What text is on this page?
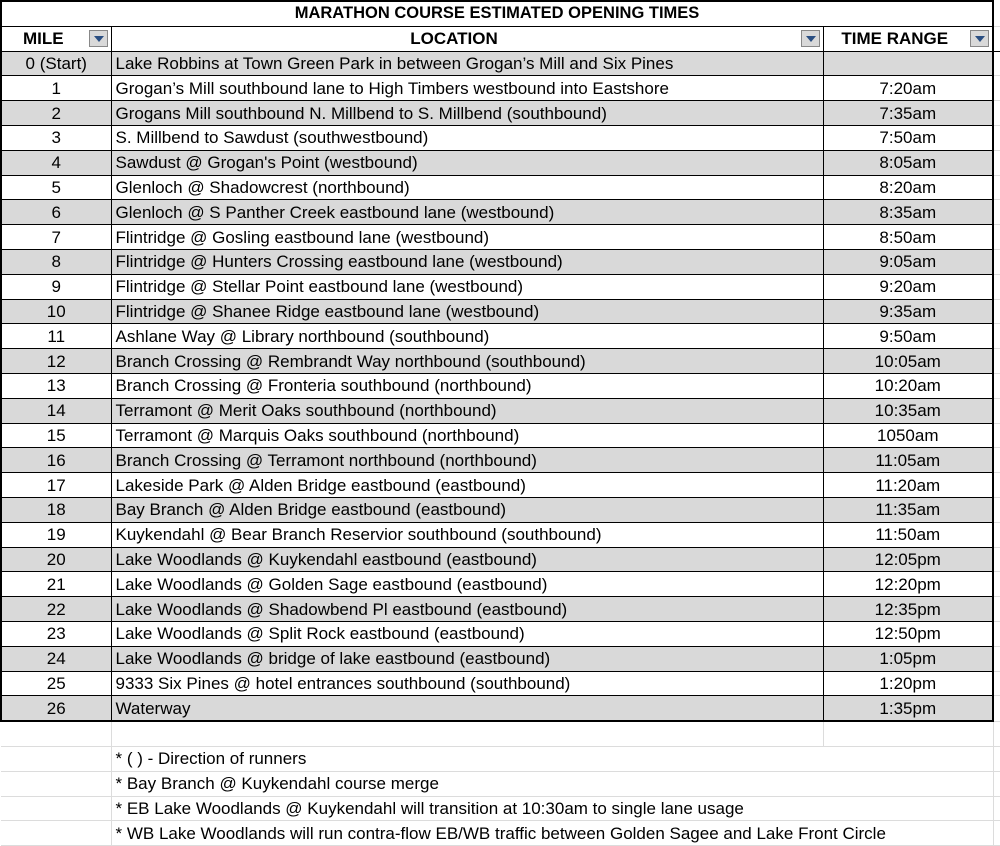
MARATHON COURSE ESTIMATED OPENING TIMES			
MILE	LOCATION	TIME RANGE

0 (Start)	Lake Robbins at Town Green Park in between Grogan’s Mill and Six Pines		
1	Grogan’s Mill southbound lane to High Timbers westbound into Eastshore	7:20am	
2	Grogans Mill southbound N. Millbend to S. Millbend (southbound)	7:35am	
3	S. Millbend to Sawdust (southwestbound)	7:50am	
4	Sawdust @ Grogan's Point (westbound)	8:05am	
5	Glenloch @ Shadowcrest (northbound)	8:20am	
6	Glenloch @ S Panther Creek eastbound lane (westbound)	8:35am	
7	Flintridge @ Gosling eastbound lane (westbound)	8:50am	
8	Flintridge @ Hunters Crossing eastbound lane (westbound)	9:05am	
9	Flintridge @ Stellar Point eastbound lane (westbound)	9:20am	
10	Flintridge @ Shanee Ridge eastbound lane (westbound)	9:35am	
11	Ashlane Way @ Library northbound (southbound)	9:50am	
12	Branch Crossing @ Rembrandt Way northbound (southbound)	10:05am	
13	Branch Crossing @ Fronteria southbound (northbound)	10:20am	
14	Terramont @ Merit Oaks southbound (northbound)	10:35am	
15	Terramont @ Marquis Oaks southbound (northbound)	1050am	
16	Branch Crossing @ Terramont northbound (northbound)	11:05am	
17	Lakeside Park @ Alden Bridge eastbound (eastbound)	11:20am	
18	Bay Branch @ Alden Bridge eastbound (eastbound)	11:35am	
19	Kuykendahl @ Bear Branch Reservior southbound (southbound)	11:50am	
20	Lake Woodlands @ Kuykendahl eastbound (eastbound)	12:05pm	
21	Lake Woodlands @ Golden Sage eastbound (eastbound)	12:20pm	
22	Lake Woodlands @ Shadowbend Pl eastbound (eastbound)	12:35pm	
23	Lake Woodlands @ Split Rock eastbound (eastbound)	12:50pm	
24	Lake Woodlands @ bridge of lake eastbound (eastbound)	1:05pm	
25	9333 Six Pines @ hotel entrances southbound (southbound)	1:20pm	
26	Waterway	1:35pm	

	* ( ) - Direction of runners		
	* Bay Branch @ Kuykendahl course merge		
	* EB Lake Woodlands @ Kuykendahl will transition at 10:30am to single lane usage		
	* WB Lake Woodlands will run contra-flow EB/WB traffic between Golden Sagee and Lake Front Circle		
